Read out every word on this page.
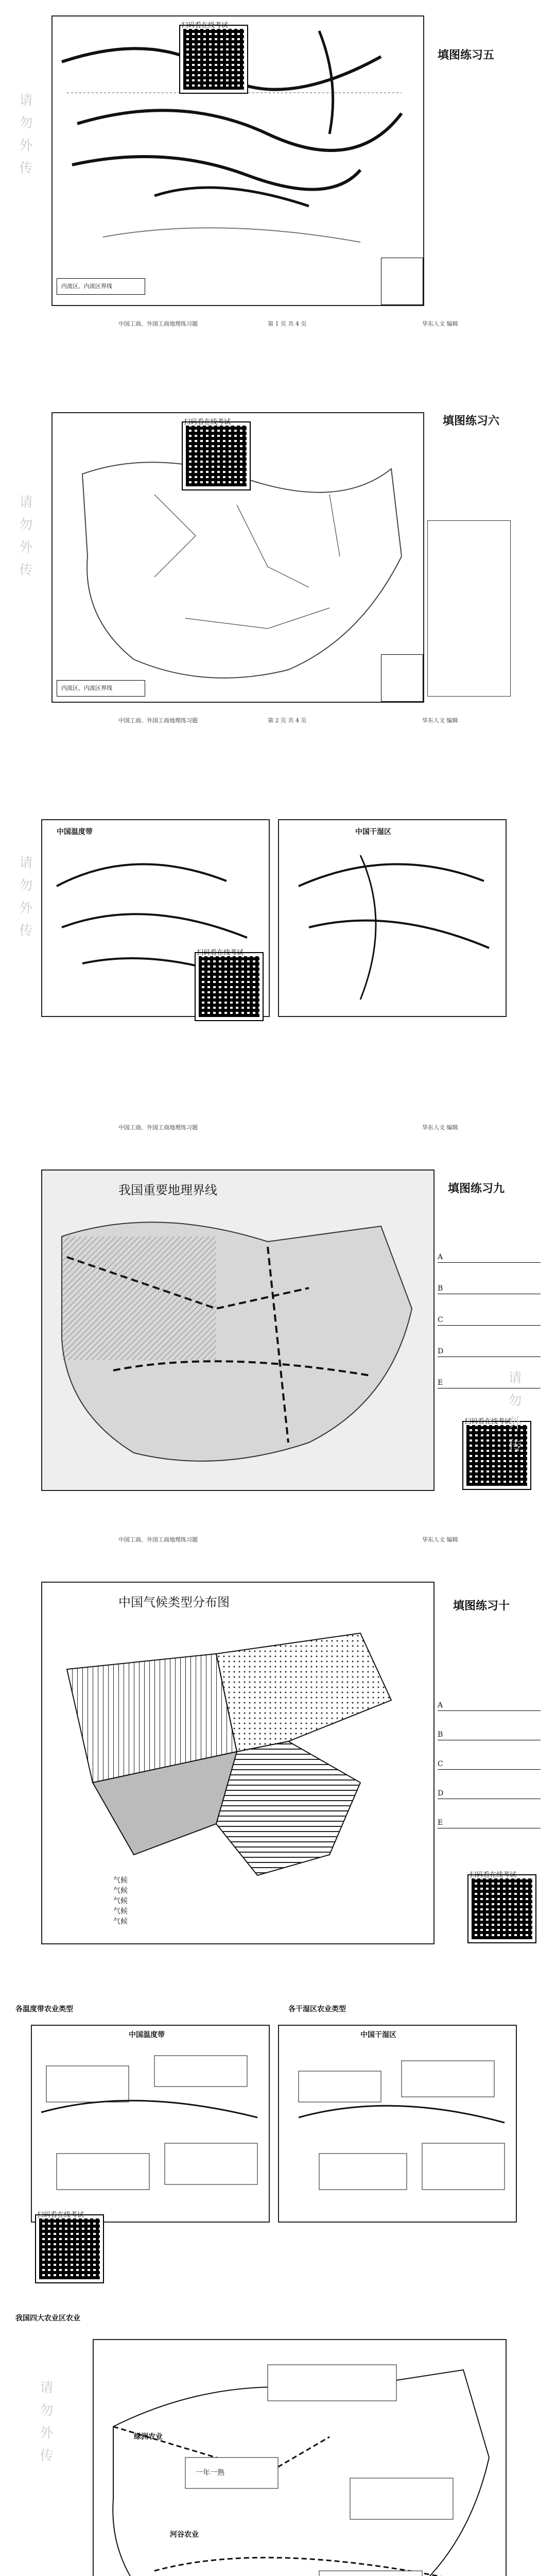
扫码看在线考试
填图练习五
内流区、内流区界线
中国工商、外国工商地理练习题	第 1 页 共 4 页	华东人文 编辑
请勿外传
扫码看在线考试	填图练习六
内流区、内流区界线
中国工商、外国工商地理练习题	第 2 页 共 4 页	华东人文 编辑
请勿外传
中国温度带	中国干湿区
扫码看在线考试
中国工商、外国工商地理练习题	华东人文 编辑
请勿外传
我国重要地理界线	填图练习九
A
B
C
D
E
扫码看在线考试
中国工商、外国工商地理练习题	华东人文 编辑
请勿外传
中国气候类型分布图	填图练习十
气候
气候
气候
气候
气候
A
B
C
D
E
扫码看在线考试
各温度带农业类型	各干湿区农业类型
中国温度带	中国干湿区
扫码看在线考试
我国四大农业区农业
绿洲农业
河谷农业
一年一熟
请勿外传
